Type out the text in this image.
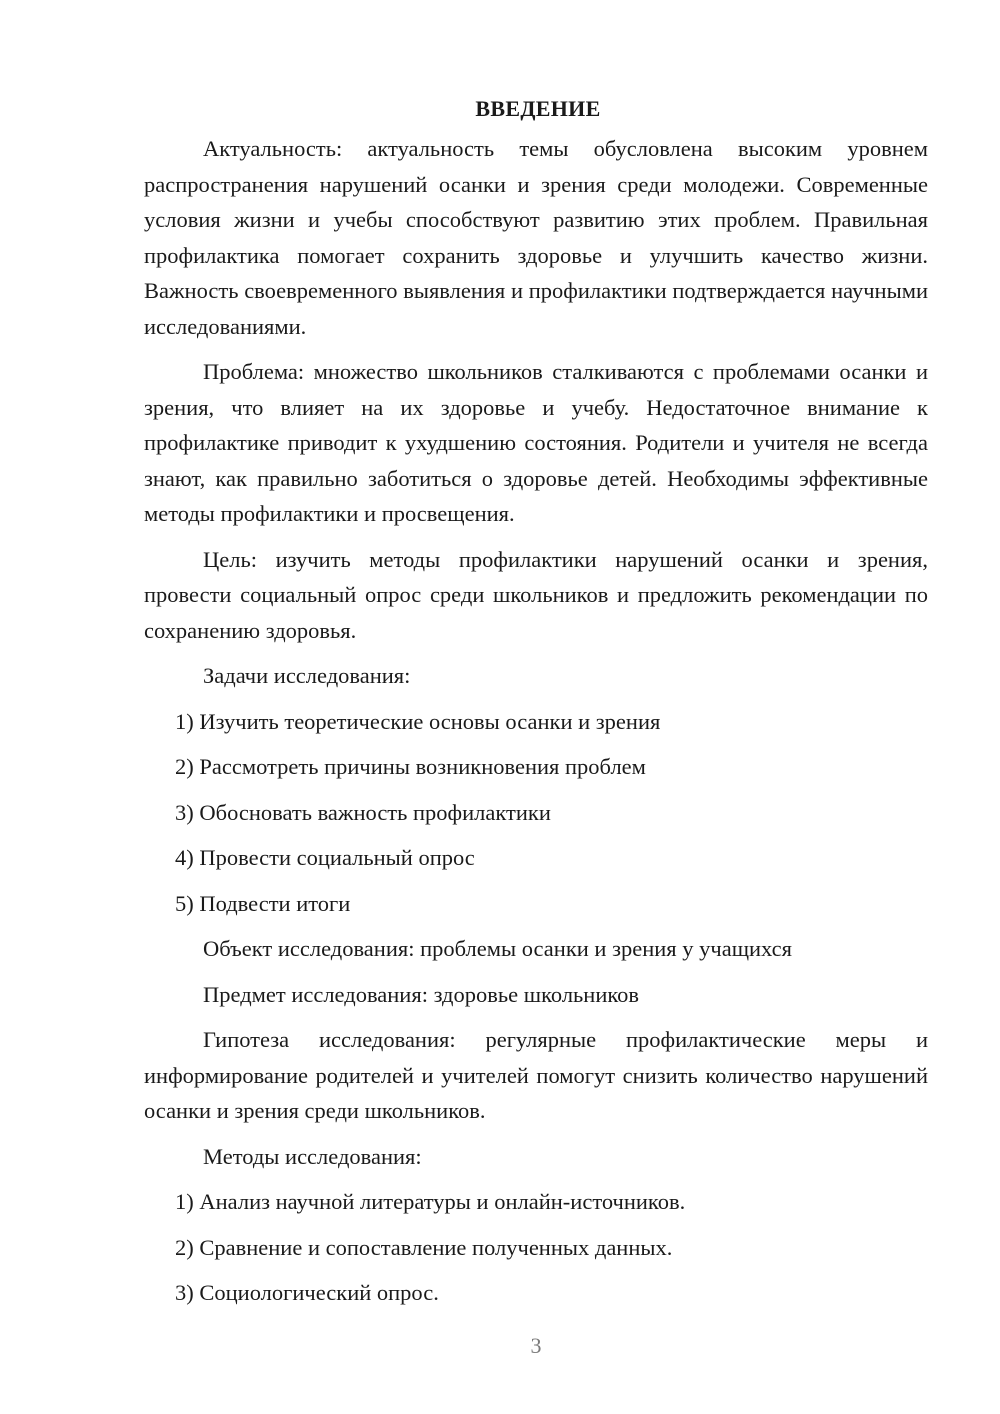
ВВЕДЕНИЕ

Актуальность: актуальность темы обусловлена высоким уровнем распространения нарушений осанки и зрения среди молодежи. Современные условия жизни и учебы способствуют развитию этих проблем. Правильная профилактика помогает сохранить здоровье и улучшить качество жизни. Важность своевременного выявления и профилактики подтверждается научными исследованиями.

Проблема: множество школьников сталкиваются с проблемами осанки и зрения, что влияет на их здоровье и учебу. Недостаточное внимание к профилактике приводит к ухудшению состояния. Родители и учителя не всегда знают, как правильно заботиться о здоровье детей. Необходимы эффективные методы профилактики и просвещения.

Цель: изучить методы профилактики нарушений осанки и зрения, провести социальный опрос среди школьников и предложить рекомендации по сохранению здоровья.

Задачи исследования:

1) Изучить теоретические основы осанки и зрения

2) Рассмотреть причины возникновения проблем

3) Обосновать важность профилактики

4) Провести социальный опрос

5) Подвести итоги

Объект исследования: проблемы осанки и зрения у учащихся

Предмет исследования: здоровье школьников

Гипотеза исследования: регулярные профилактические меры и информирование родителей и учителей помогут снизить количество нарушений осанки и зрения среди школьников.

Методы исследования:

1) Анализ научной литературы и онлайн-источников.

2) Сравнение и сопоставление полученных данных.

3) Социологический опрос.

3
